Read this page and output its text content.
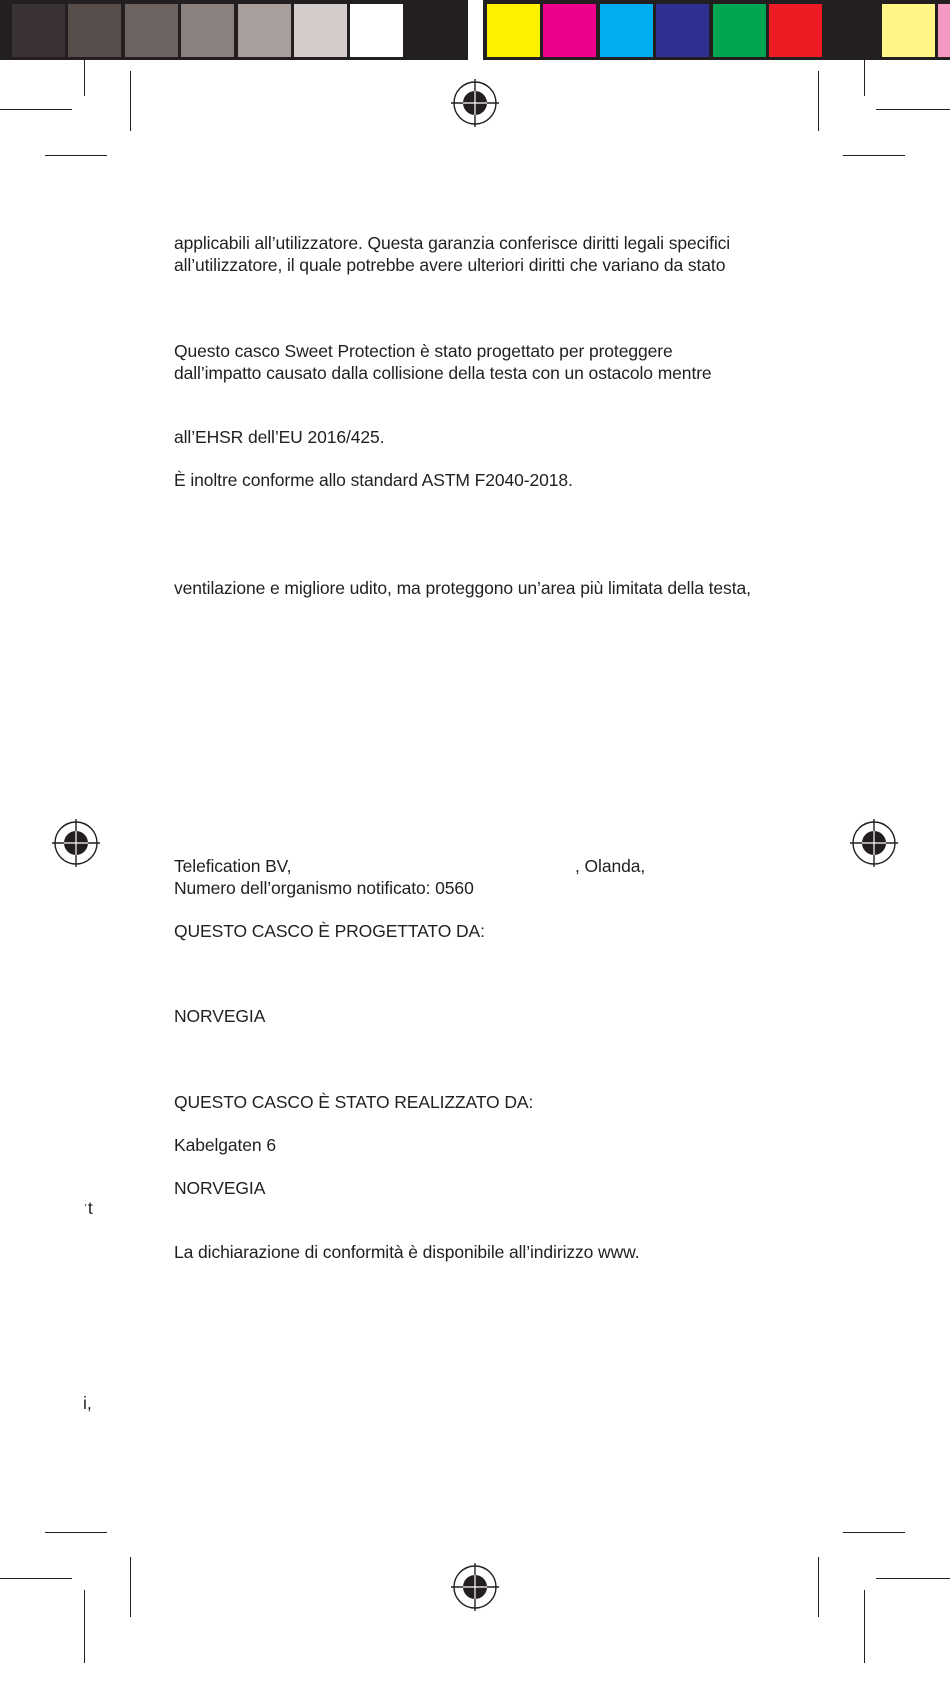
applicabili all’utilizzatore. Questa garanzia conferisce diritti legali specifici
all’utilizzatore, il quale potrebbe avere ulteriori diritti che variano da stato
Questo casco Sweet Protection è stato progettato per proteggere
dall’impatto causato dalla collisione della testa con un ostacolo mentre
all’EHSR dell’EU 2016/425.
È inoltre conforme allo standard ASTM F2040-2018.
ventilazione e migliore udito, ma proteggono un’area più limitata della testa,
Telefication BV,	, Olanda,
Numero dell’organismo notificato: 0560
QUESTO CASCO È PROGETTATO DA:
NORVEGIA
QUESTO CASCO È STATO REALIZZATO DA:
Kabelgaten 6
NORVEGIA
La dichiarazione di conformità è disponibile all’indirizzo www.
ˑt
i,
